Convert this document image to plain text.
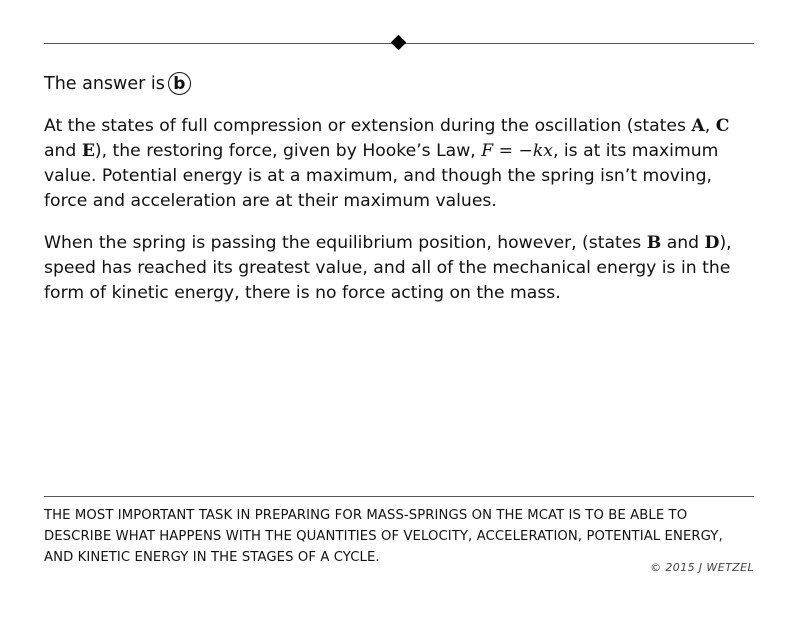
The answer is b

At the states of full compression or extension during the oscillation (states A, C and E), the restoring force, given by Hooke’s Law, F = −kx, is at its maximum value. Potential energy is at a maximum, and though the spring isn’t moving, force and acceleration are at their maximum values.

When the spring is passing the equilibrium position, however, (states B and D), speed has reached its greatest value, and all of the mechanical energy is in the form of kinetic energy, there is no force acting on the mass.

THE MOST IMPORTANT TASK IN PREPARING FOR MASS-SPRINGS ON THE MCAT IS TO BE ABLE TO DESCRIBE WHAT HAPPENS WITH THE QUANTITIES OF VELOCITY, ACCELERATION, POTENTIAL ENERGY, AND KINETIC ENERGY IN THE STAGES OF A CYCLE.
© 2015 J WETZEL
